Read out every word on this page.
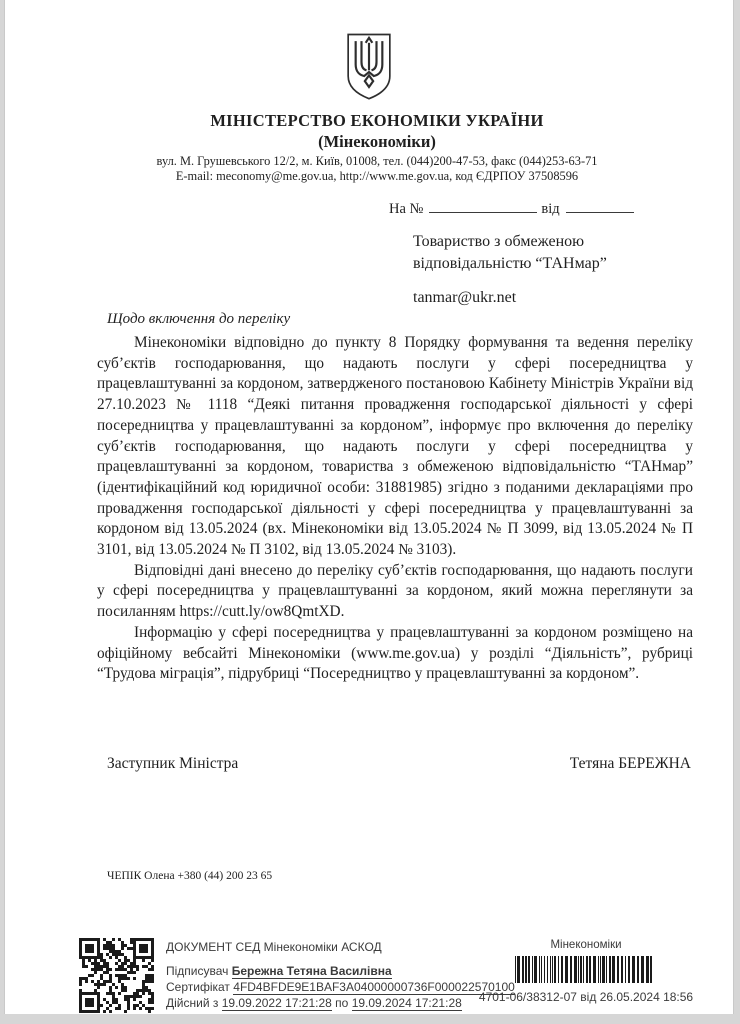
МІНІСТЕРСТВО ЕКОНОМІКИ УКРАЇНИ
(Мінекономіки)
вул. М. Грушевського 12/2, м. Київ, 01008, тел. (044)200-47-53, факс (044)253-63-71
E-mail: meconomy@me.gov.ua, http://www.me.gov.ua, код ЄДРПОУ 37508596
На №	від
Товариство з обмеженою
відповідальністю “ТАНмар”
tanmar@ukr.net
Щодо включення до переліку

Мінекономіки відповідно до пункту 8 Порядку формування та ведення переліку суб’єктів господарювання, що надають послуги у сфері посередництва у працевлаштуванні за кордоном, затвердженого постановою Кабінету Міністрів України від 27.10.2023 № 1118 “Деякі питання провадження господарської діяльності у сфері посередництва у працевлаштуванні за кордоном”, інформує про включення до переліку суб’єктів господарювання, що надають послуги у сфері посередництва у працевлаштуванні за кордоном, товариства з обмеженою відповідальністю “ТАНмар” (ідентифікаційний код юридичної особи: 31881985) згідно з поданими деклараціями про провадження господарської діяльності у сфері посередництва у працевлаштуванні за кордоном від 13.05.2024 (вх. Мінекономіки від 13.05.2024 № П 3099, від 13.05.2024 № П 3101, від 13.05.2024 № П 3102, від 13.05.2024 № 3103).

Відповідні дані внесено до переліку суб’єктів господарювання, що надають послуги у сфері посередництва у працевлаштуванні за кордоном, який можна переглянути за посиланням https://cutt.ly/ow8QmtXD.

Інформацію у сфері посередництва у працевлаштуванні за кордоном розміщено на офіційному вебсайті Мінекономіки (www.me.gov.ua) у розділі “Діяльність”, рубриці “Трудова міграція”, підрубриці “Посередництво у працевлаштуванні за кордоном”.

Заступник Міністра	Тетяна БЕРЕЖНА
ЧЕПІК Олена +380 (44) 200 23 65
ДОКУМЕНТ СЕД Мінекономіки АСКОД
Підписувач Бережна Тетяна Василівна
Сертифікат 4FD4BFDE9E1BAF3A04000000736F000022570100
Дійсний з 19.09.2022 17:21:28 по 19.09.2024 17:21:28
Мінекономіки
4701-06/38312-07 від 26.05.2024 18:56
